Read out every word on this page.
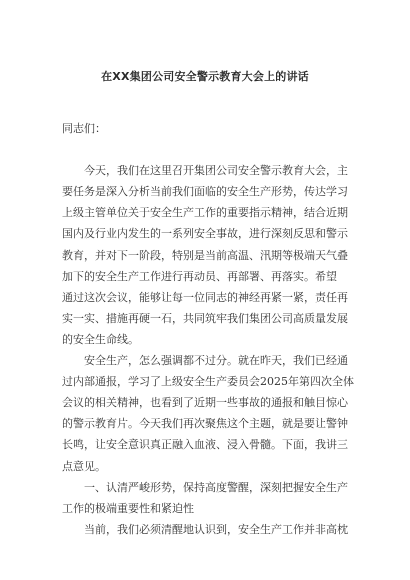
在XX集团公司安全警示教育大会上的讲话
同志们：

　　今天，我们在这里召开集团公司安全警示教育大会，主
要任务是深入分析当前我们面临的安全生产形势，传达学习
上级主管单位关于安全生产工作的重要指示精神，结合近期
国内及行业内发生的一系列安全事故，进行深刻反思和警示
教育，并对下一阶段，特别是当前高温、汛期等极端天气叠
加下的安全生产工作进行再动员、再部署、再落实。希望
通过这次会议，能够让每一位同志的神经再紧一紧，责任再
实一实、措施再硬一石，共同筑牢我们集团公司高质量发展
的安全生命线。
　　安全生产，怎么强调都不过分。就在昨天，我们已经通
过内部通报，学习了上级安全生产委员会2025年第四次全体
会议的相关精神，也看到了近期一些事故的通报和触目惊心
的警示教育片。今天我们再次聚焦这个主题，就是要让警钟
长鸣，让安全意识真正融入血液、浸入骨髓。下面，我讲三
点意见。
　　一、认清严峻形势，保持高度警醒，深刻把握安全生产
工作的极端重要性和紧迫性
　　当前，我们必须清醒地认识到，安全生产工作并非高枕
